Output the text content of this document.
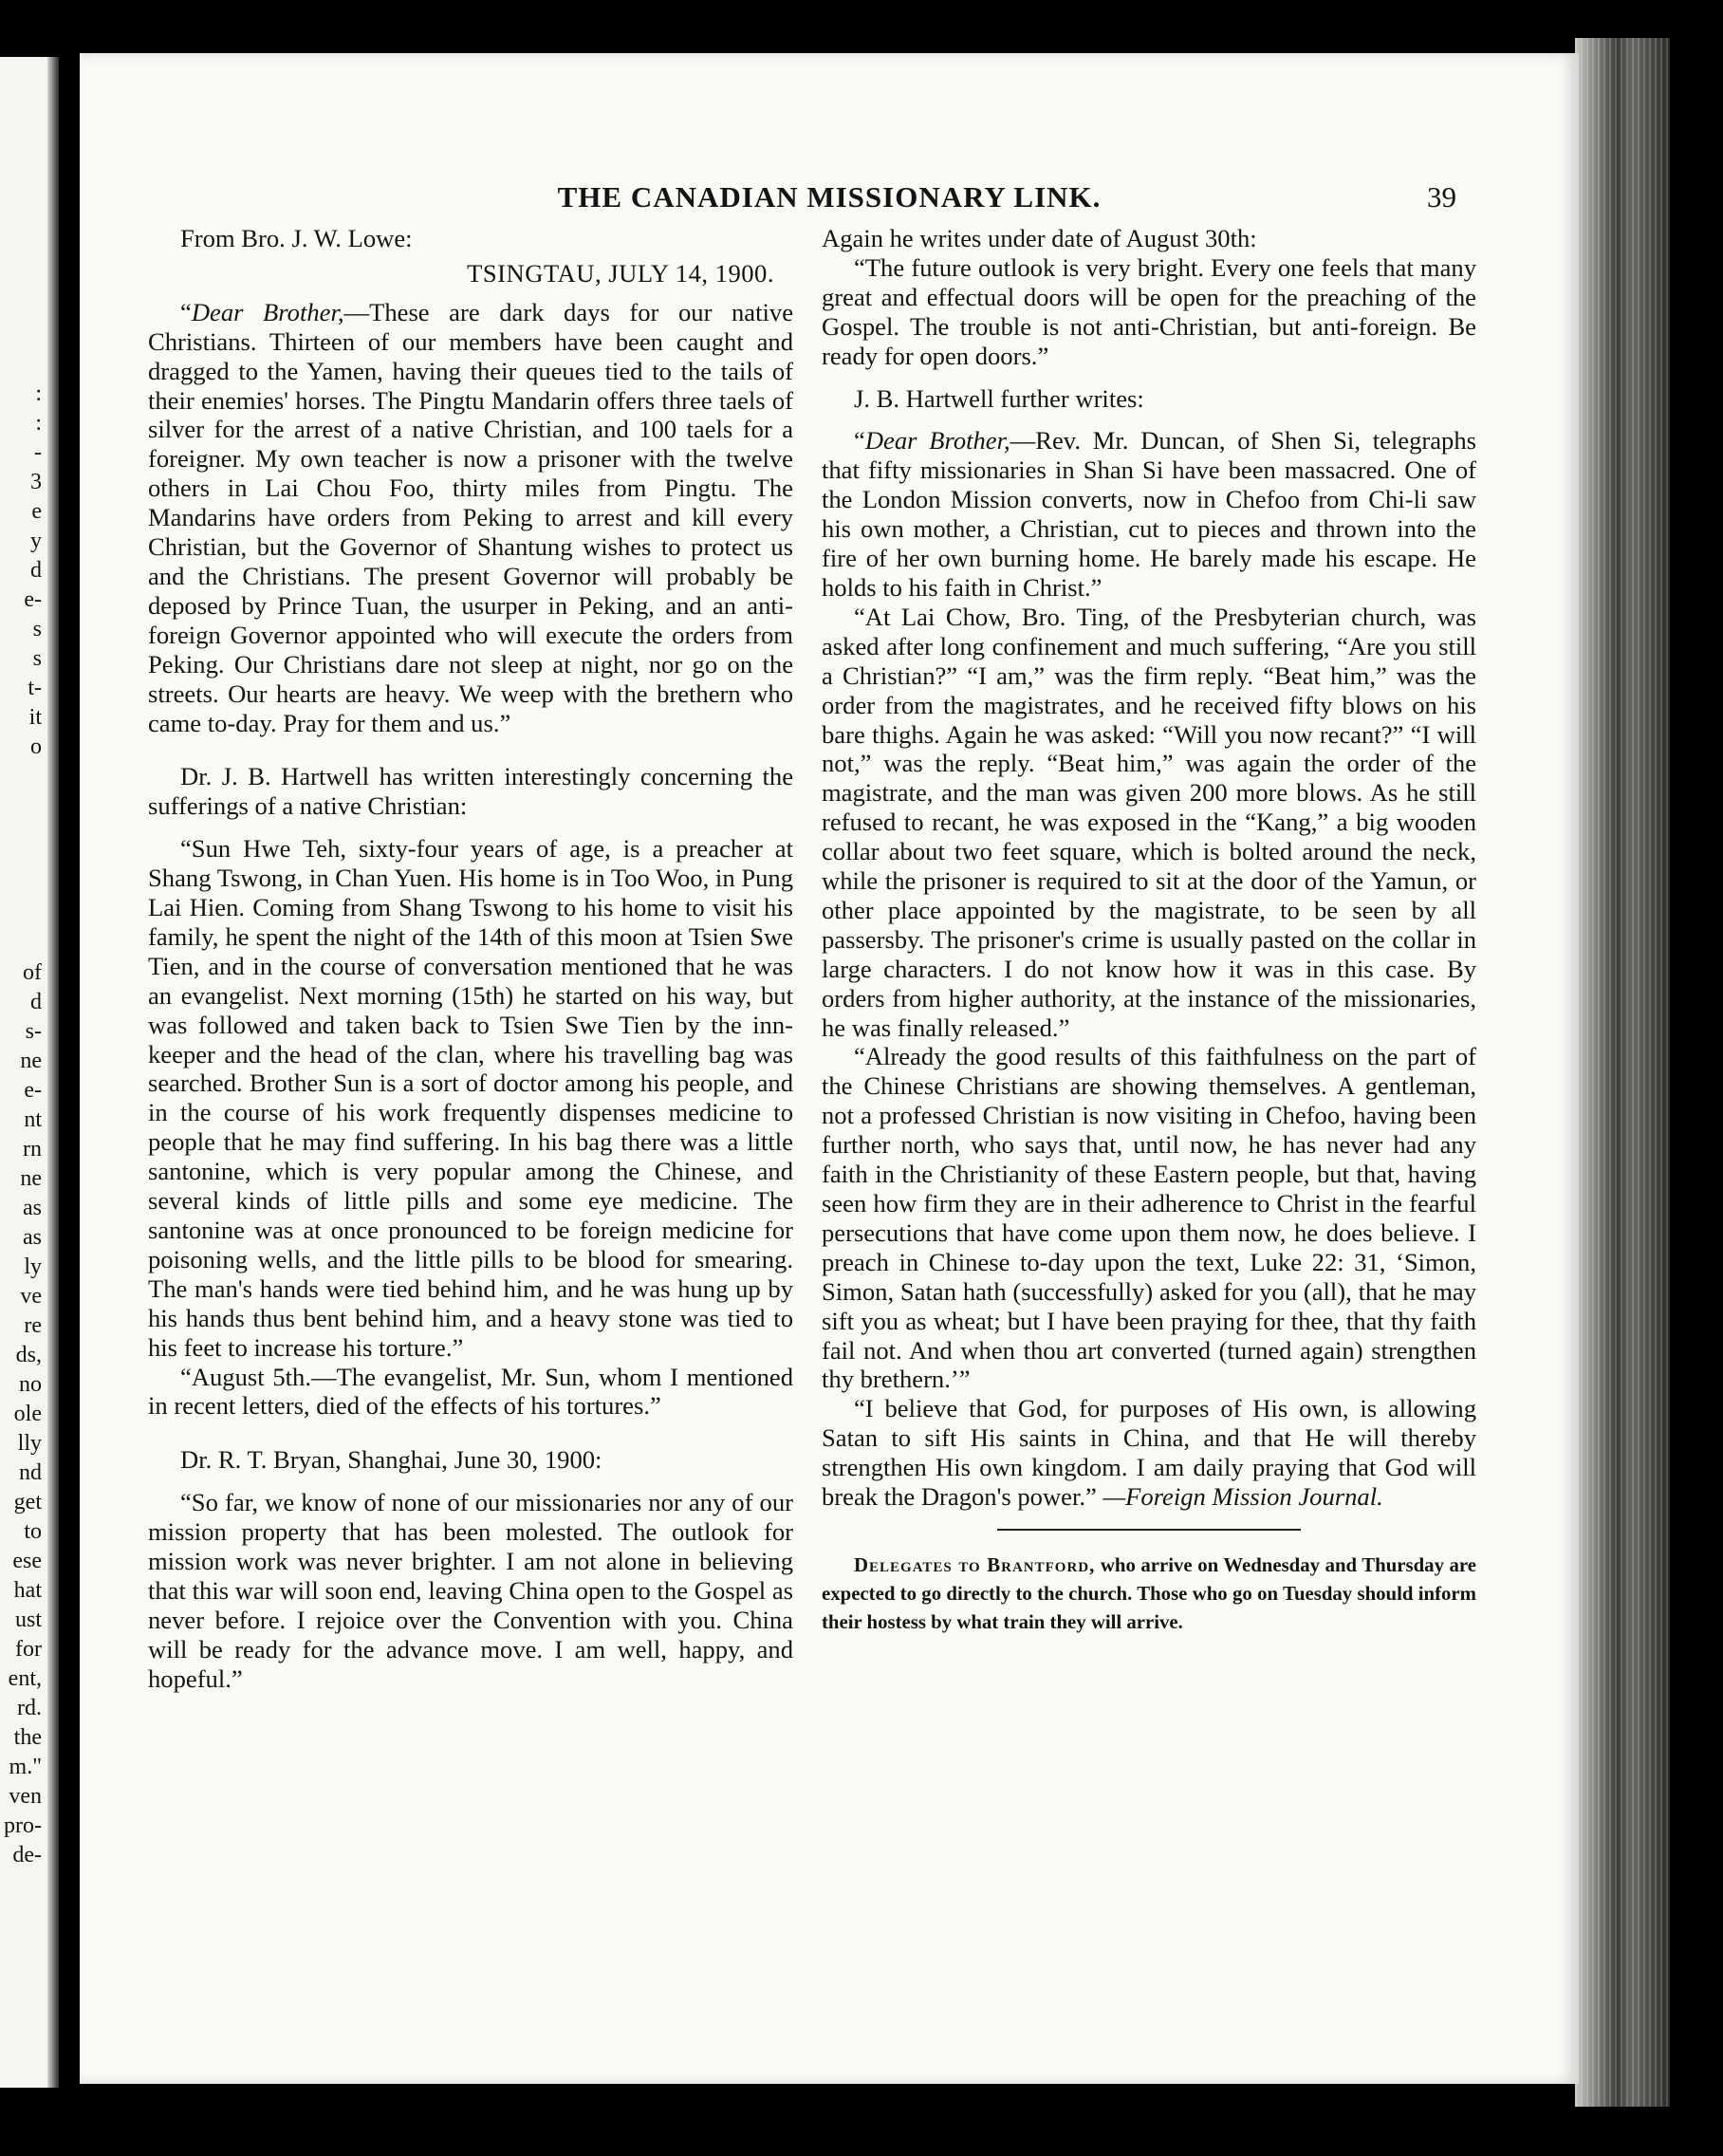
:
:
-
3
e
y
d
e-
s
s
t-
it
o
of
d
s-
ne
e-
nt
rn
ne
as
as
ly
ve
re
ds,
no
ole
lly
nd
get
to
ese
hat
ust
for
ent,
rd.
the
m."
ven
pro-
de-
THE CANADIAN MISSIONARY LINK.	39

From Bro. J. W. Lowe:

TSINGTAU, JULY 14, 1900.

“Dear Brother,—These are dark days for our native Christians. Thirteen of our members have been caught and dragged to the Yamen, having their queues tied to the tails of their enemies' horses. The Pingtu Mandarin offers three taels of silver for the arrest of a native Christian, and 100 taels for a foreigner. My own teacher is now a prisoner with the twelve others in Lai Chou Foo, thirty miles from Pingtu. The Mandarins have orders from Peking to arrest and kill every Christian, but the Governor of Shantung wishes to protect us and the Christians. The present Governor will probably be deposed by Prince Tuan, the usurper in Peking, and an anti-foreign Governor appointed who will execute the orders from Peking. Our Christians dare not sleep at night, nor go on the streets. Our hearts are heavy. We weep with the brethern who came to-day. Pray for them and us.”

Dr. J. B. Hartwell has written interestingly concerning the sufferings of a native Christian:

“Sun Hwe Teh, sixty-four years of age, is a preacher at Shang Tswong, in Chan Yuen. His home is in Too Woo, in Pung Lai Hien. Coming from Shang Tswong to his home to visit his family, he spent the night of the 14th of this moon at Tsien Swe Tien, and in the course of conversation mentioned that he was an evangelist. Next morning (15th) he started on his way, but was followed and taken back to Tsien Swe Tien by the inn-keeper and the head of the clan, where his travelling bag was searched. Brother Sun is a sort of doctor among his people, and in the course of his work frequently dispenses medicine to people that he may find suffering. In his bag there was a little santonine, which is very popular among the Chinese, and several kinds of little pills and some eye medicine. The santonine was at once pronounced to be foreign medicine for poisoning wells, and the little pills to be blood for smearing. The man's hands were tied behind him, and he was hung up by his hands thus bent behind him, and a heavy stone was tied to his feet to increase his torture.”

“August 5th.—The evangelist, Mr. Sun, whom I mentioned in recent letters, died of the effects of his tortures.”

Dr. R. T. Bryan, Shanghai, June 30, 1900:

“So far, we know of none of our missionaries nor any of our mission property that has been molested. The outlook for mission work was never brighter. I am not alone in believing that this war will soon end, leaving China open to the Gospel as never before. I rejoice over the Convention with you. China will be ready for the advance move. I am well, happy, and hopeful.”

Again he writes under date of August 30th:

“The future outlook is very bright. Every one feels that many great and effectual doors will be open for the preaching of the Gospel. The trouble is not anti-Christian, but anti-foreign. Be ready for open doors.”

J. B. Hartwell further writes:

“Dear Brother,—Rev. Mr. Duncan, of Shen Si, telegraphs that fifty missionaries in Shan Si have been massacred. One of the London Mission converts, now in Chefoo from Chi-li saw his own mother, a Christian, cut to pieces and thrown into the fire of her own burning home. He barely made his escape. He holds to his faith in Christ.”

“At Lai Chow, Bro. Ting, of the Presbyterian church, was asked after long confinement and much suffering, “Are you still a Christian?” “I am,” was the firm reply. “Beat him,” was the order from the magistrates, and he received fifty blows on his bare thighs. Again he was asked: “Will you now recant?” “I will not,” was the reply. “Beat him,” was again the order of the magistrate, and the man was given 200 more blows. As he still refused to recant, he was exposed in the “Kang,” a big wooden collar about two feet square, which is bolted around the neck, while the prisoner is required to sit at the door of the Yamun, or other place appointed by the magistrate, to be seen by all passersby. The prisoner's crime is usually pasted on the collar in large characters. I do not know how it was in this case. By orders from higher authority, at the instance of the missionaries, he was finally released.”

“Already the good results of this faithfulness on the part of the Chinese Christians are showing themselves. A gentleman, not a professed Christian is now visiting in Chefoo, having been further north, who says that, until now, he has never had any faith in the Christianity of these Eastern people, but that, having seen how firm they are in their adherence to Christ in the fearful persecutions that have come upon them now, he does believe. I preach in Chinese to-day upon the text, Luke 22: 31, ‘Simon, Simon, Satan hath (successfully) asked for you (all), that he may sift you as wheat; but I have been praying for thee, that thy faith fail not. And when thou art converted (turned again) strengthen thy brethern.’”

“I believe that God, for purposes of His own, is allowing Satan to sift His saints in China, and that He will thereby strengthen His own kingdom. I am daily praying that God will break the Dragon's power.” —Foreign Mission Journal.

Delegates to Brantford, who arrive on Wednesday and Thursday are expected to go directly to the church. Those who go on Tuesday should inform their hostess by what train they will arrive.
